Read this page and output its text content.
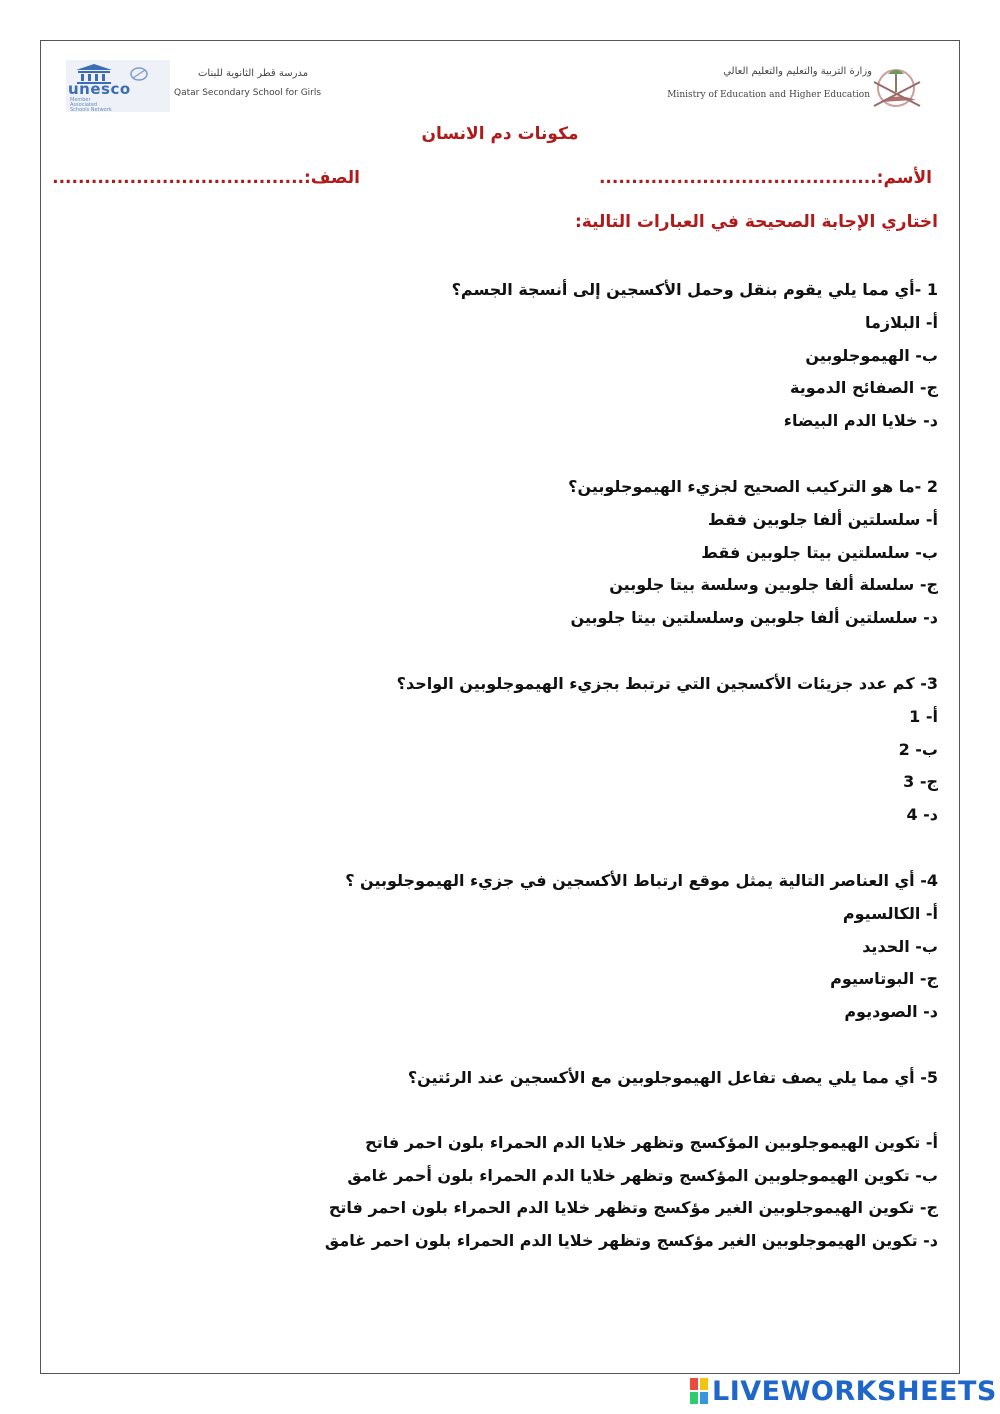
unesco
Member Associated Schools Network
مدرسة قطر الثانوية للبنات
Qatar Secondary School for Girls
وزارة التربية والتعليم والتعليم العالي
Ministry of Education and Higher Education
مكونات دم الانسان
الأسم:...........................................
الصف:.......................................
اختاري الإجابة الصحيحة في العبارات التالية:
1 -أي مما يلي يقوم بنقل وحمل الأكسجين إلى أنسجة الجسم؟
أ- البلازما
ب- الهيموجلوبين
ج- الصفائح الدموية
د- خلايا الدم البيضاء
2 -ما هو التركيب الصحيح لجزيء الهيموجلوبين؟
أ- سلسلتين ألفا جلوبين فقط
ب- سلسلتين بيتا جلوبين فقط
ج- سلسلة ألفا جلوبين وسلسة بيتا جلوبين
د- سلسلتين ألفا جلوبين وسلسلتين بيتا جلوبين
3- كم عدد جزيئات الأكسجين التي ترتبط بجزيء الهيموجلوبين الواحد؟
أ- 1
ب- 2
ج- 3
د- 4
4- أي العناصر التالية يمثل موقع ارتباط الأكسجين في جزيء الهيموجلوبين ؟
أ- الكالسيوم
ب- الحديد
ج- البوتاسيوم
د- الصوديوم
5- أي مما يلي يصف تفاعل الهيموجلوبين مع الأكسجين عند الرئتين؟
أ- تكوين الهيموجلوبين المؤكسج وتظهر خلايا الدم الحمراء بلون احمر فاتح
ب- تكوين الهيموجلوبين المؤكسج وتظهر خلايا الدم الحمراء بلون أحمر غامق
ج- تكوين الهيموجلوبين الغير مؤكسج وتظهر خلايا الدم الحمراء بلون احمر فاتح
د- تكوين الهيموجلوبين الغير مؤكسج وتظهر خلايا الدم الحمراء بلون احمر غامق
LIVEWORKSHEETS
